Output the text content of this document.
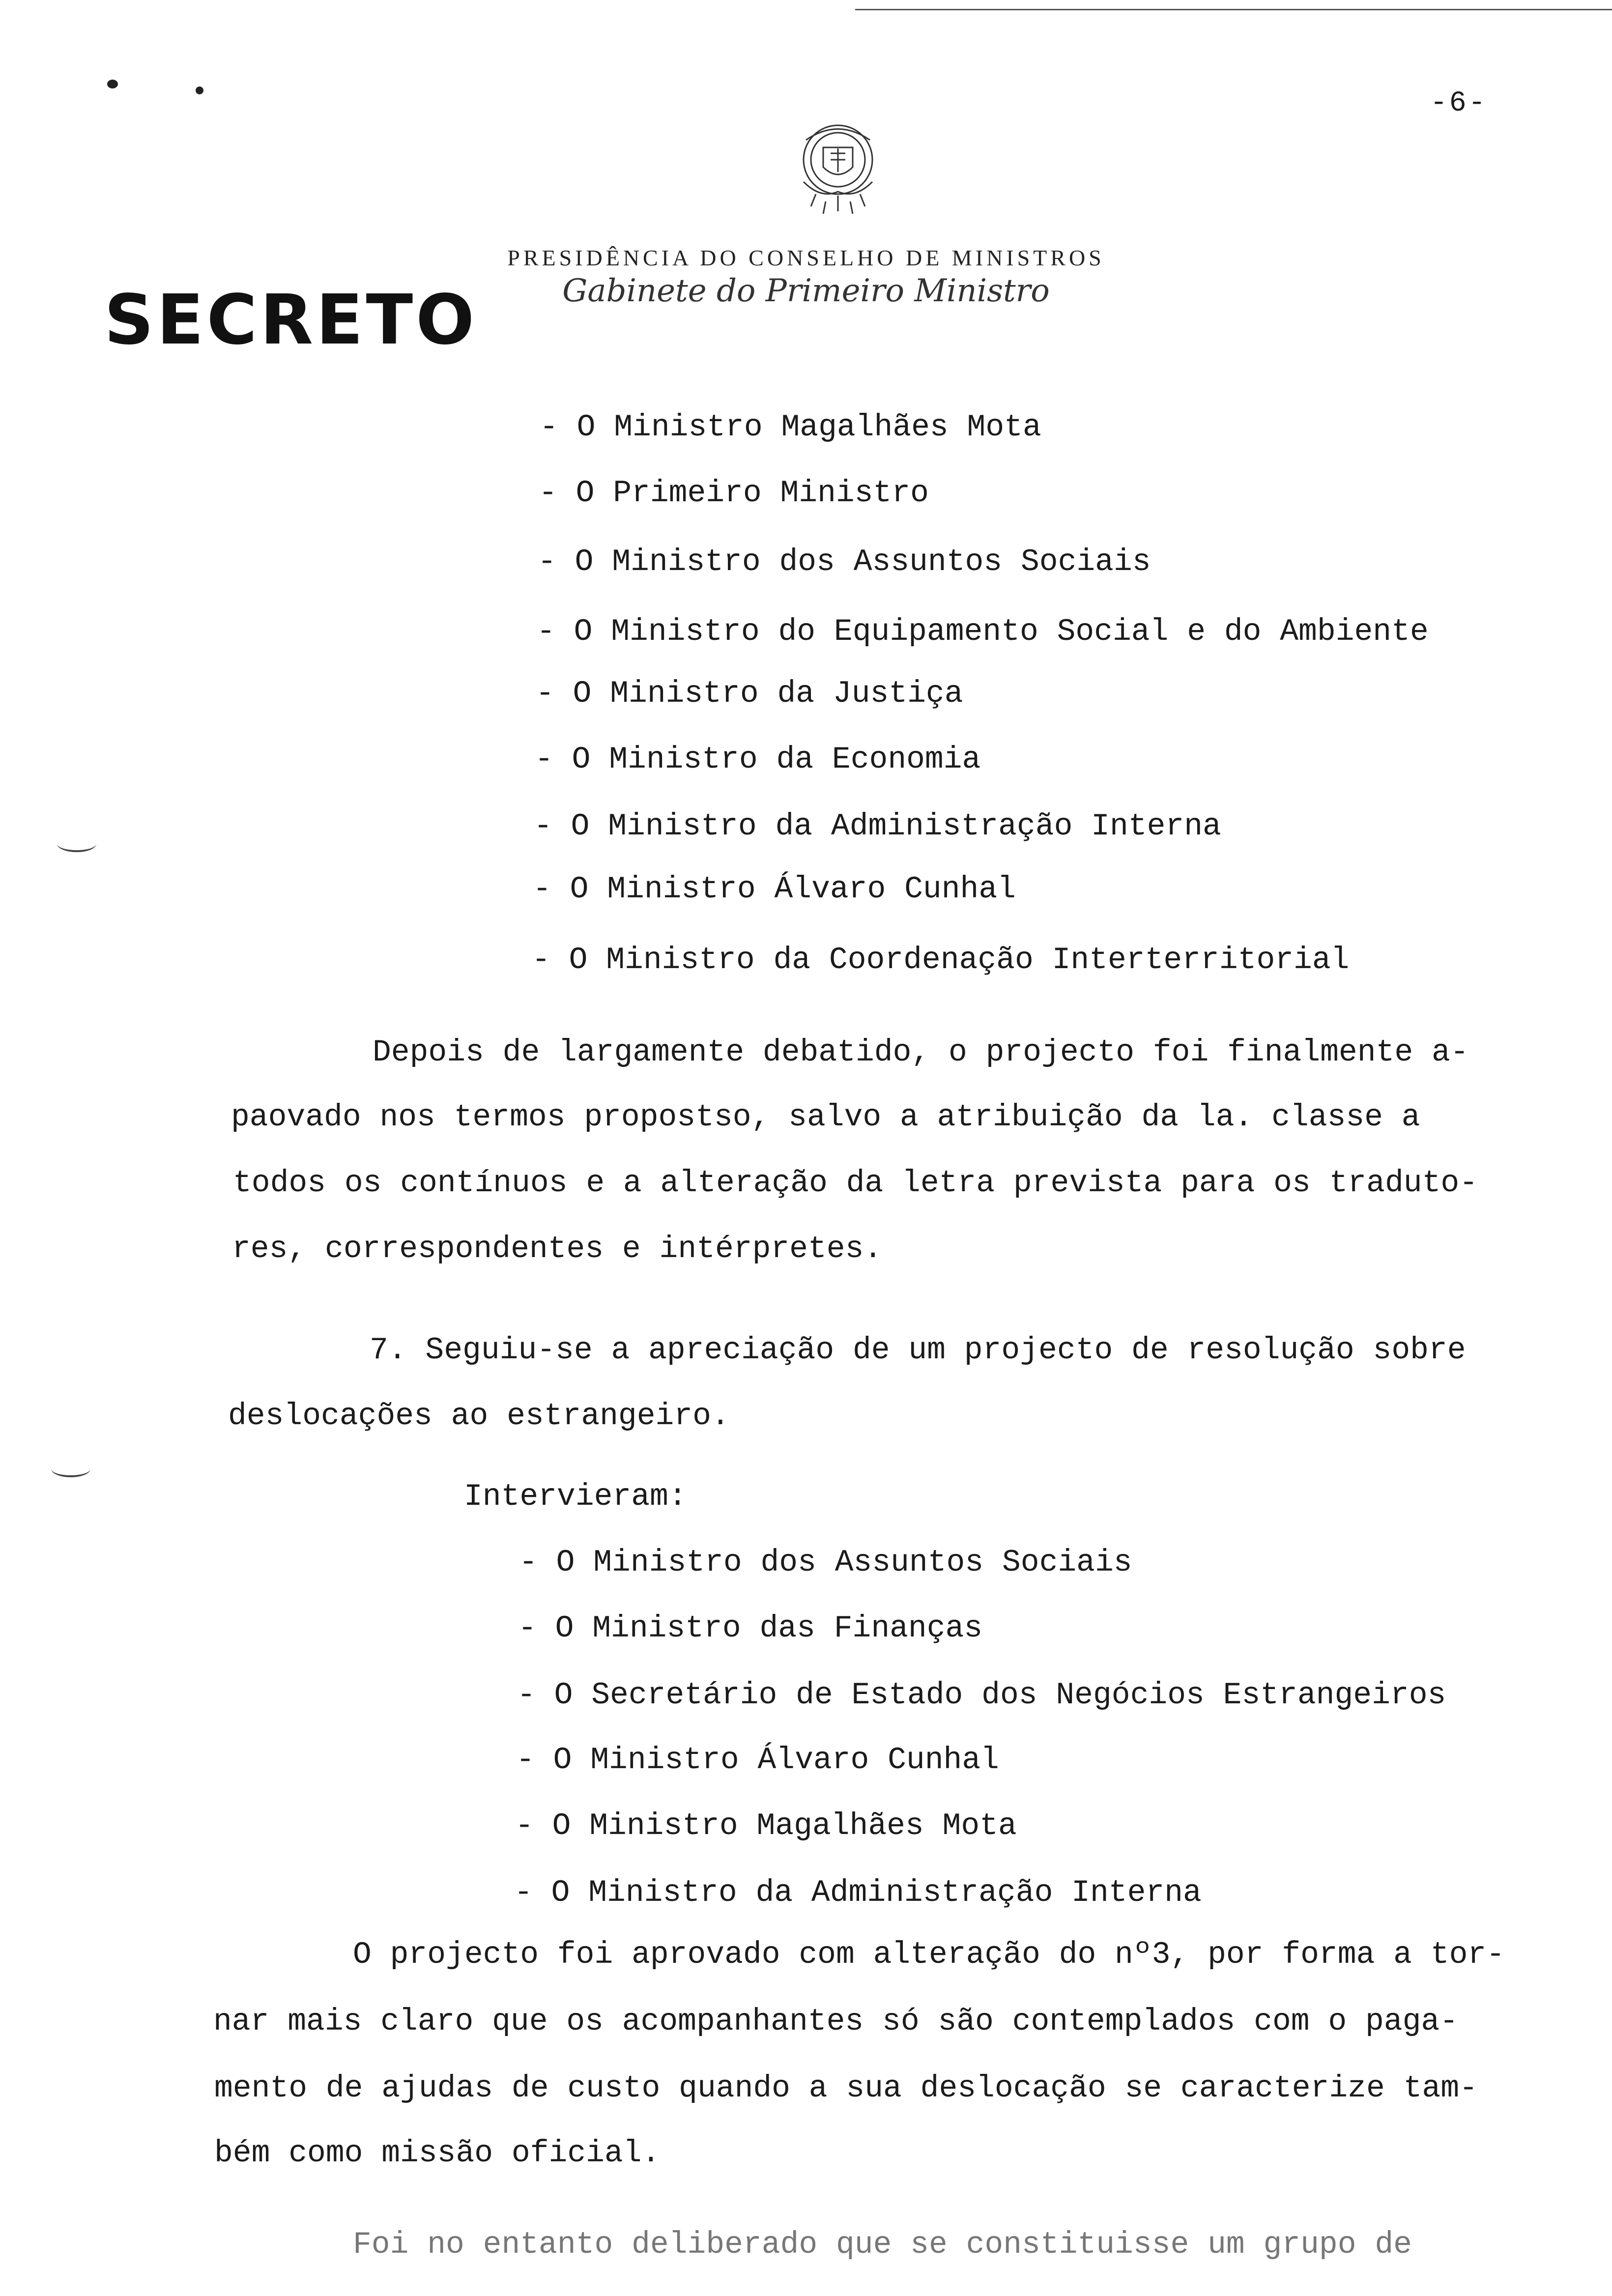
-6-
PRESIDÊNCIA DO CONSELHO DE MINISTROS
Gabinete do Primeiro Ministro
SECRETO
- O Ministro Magalhães Mota
- O Primeiro Ministro
- O Ministro dos Assuntos Sociais
- O Ministro do Equipamento Social e do Ambiente
- O Ministro da Justiça
- O Ministro da Economia
- O Ministro da Administração Interna
- O Ministro Álvaro Cunhal
- O Ministro da Coordenação Interterritorial
Depois de largamente debatido, o projecto foi finalmente a-
paovado nos termos propostso, salvo a atribuição da la. classe a
todos os contínuos e a alteração da letra prevista para os traduto-
res, correspondentes e intérpretes.
7. Seguiu-se a apreciação de um projecto de resolução sobre
deslocações ao estrangeiro.
Intervieram:
- O Ministro dos Assuntos Sociais
- O Ministro das Finanças
- O Secretário de Estado dos Negócios Estrangeiros
- O Ministro Álvaro Cunhal
- O Ministro Magalhães Mota
- O Ministro da Administração Interna
O projecto foi aprovado com alteração do nº3, por forma a tor-
nar mais claro que os acompanhantes só são contemplados com o paga-
mento de ajudas de custo quando a sua deslocação se caracterize tam-
bém como missão oficial.
Foi no entanto deliberado que se constituisse um grupo de
